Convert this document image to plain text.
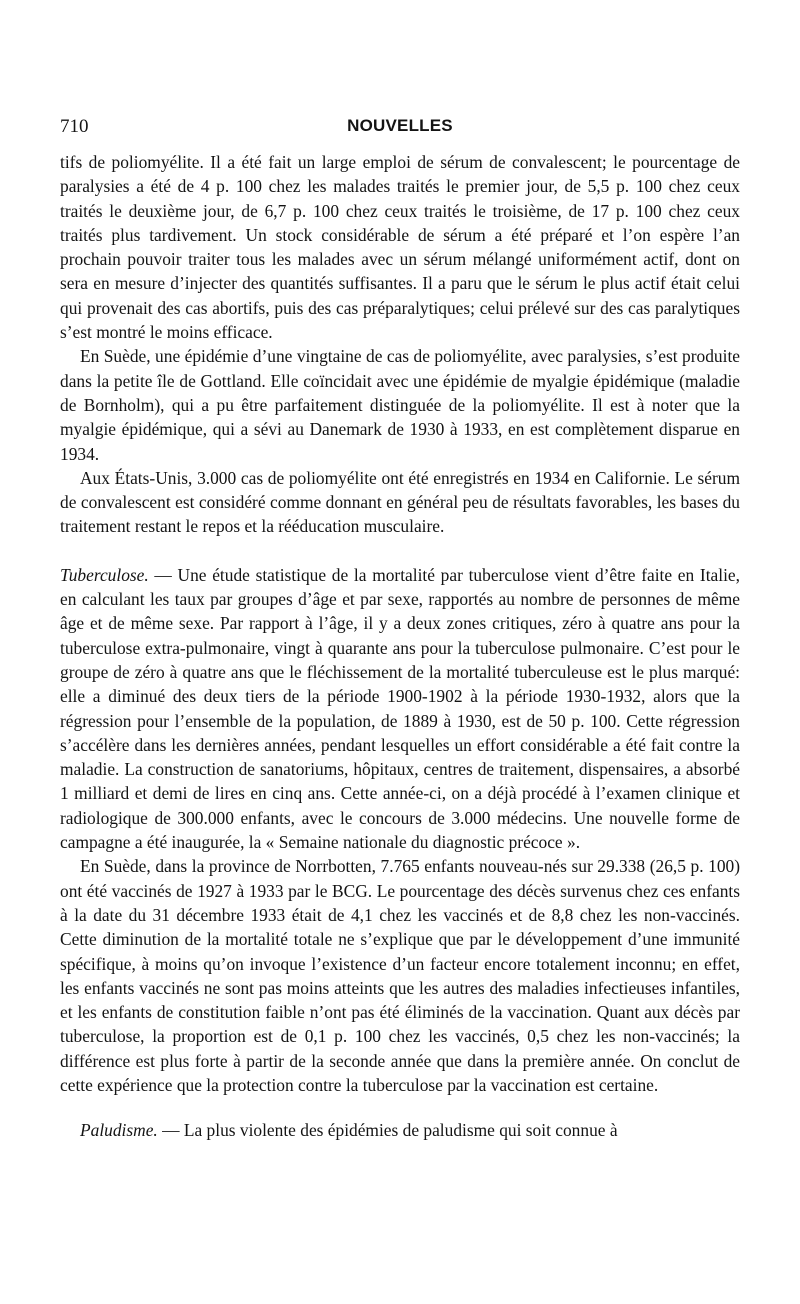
710	NOUVELLES

tifs de poliomyélite. Il a été fait un large emploi de sérum de convalescent; le pourcentage de paralysies a été de 4 p. 100 chez les malades traités le premier jour, de 5,5 p. 100 chez ceux traités le deuxième jour, de 6,7 p. 100 chez ceux traités le troisième, de 17 p. 100 chez ceux traités plus tardivement. Un stock considérable de sérum a été préparé et l’on espère l’an prochain pouvoir traiter tous les malades avec un sérum mélangé uniformément actif, dont on sera en mesure d’injecter des quantités suffisantes. Il a paru que le sérum le plus actif était celui qui provenait des cas abortifs, puis des cas préparalytiques; celui prélevé sur des cas paralytiques s’est montré le moins efficace.

En Suède, une épidémie d’une vingtaine de cas de poliomyélite, avec paralysies, s’est produite dans la petite île de Gottland. Elle coïncidait avec une épidémie de myalgie épidémique (maladie de Bornholm), qui a pu être parfaitement distinguée de la poliomyélite. Il est à noter que la myalgie épidémique, qui a sévi au Danemark de 1930 à 1933, en est complètement disparue en 1934.

Aux États-Unis, 3.000 cas de poliomyélite ont été enregistrés en 1934 en Californie. Le sérum de convalescent est considéré comme donnant en général peu de résultats favorables, les bases du traitement restant le repos et la rééducation musculaire.

Tuberculose. — Une étude statistique de la mortalité par tuberculose vient d’être faite en Italie, en calculant les taux par groupes d’âge et par sexe, rapportés au nombre de personnes de même âge et de même sexe. Par rapport à l’âge, il y a deux zones critiques, zéro à quatre ans pour la tuberculose extra-pulmonaire, vingt à quarante ans pour la tuberculose pulmonaire. C’est pour le groupe de zéro à quatre ans que le fléchissement de la mortalité tuberculeuse est le plus marqué: elle a diminué des deux tiers de la période 1900-1902 à la période 1930-1932, alors que la régression pour l’ensemble de la population, de 1889 à 1930, est de 50 p. 100. Cette régression s’accélère dans les dernières années, pendant lesquelles un effort considérable a été fait contre la maladie. La construction de sanatoriums, hôpitaux, centres de traitement, dispensaires, a absorbé 1 milliard et demi de lires en cinq ans. Cette année-ci, on a déjà procédé à l’examen clinique et radiologique de 300.000 enfants, avec le concours de 3.000 médecins. Une nouvelle forme de campagne a été inaugurée, la « Semaine nationale du diagnostic précoce ».

En Suède, dans la province de Norrbotten, 7.765 enfants nouveau-nés sur 29.338 (26,5 p. 100) ont été vaccinés de 1927 à 1933 par le BCG. Le pourcentage des décès survenus chez ces enfants à la date du 31 décembre 1933 était de 4,1 chez les vaccinés et de 8,8 chez les non-vaccinés. Cette diminution de la mortalité totale ne s’explique que par le développement d’une immunité spécifique, à moins qu’on invoque l’existence d’un facteur encore totalement inconnu; en effet, les enfants vaccinés ne sont pas moins atteints que les autres des maladies infectieuses infantiles, et les enfants de constitution faible n’ont pas été éliminés de la vaccination. Quant aux décès par tuberculose, la proportion est de 0,1 p. 100 chez les vaccinés, 0,5 chez les non-vaccinés; la différence est plus forte à partir de la seconde année que dans la première année. On conclut de cette expérience que la protection contre la tuberculose par la vaccination est certaine.

Paludisme. — La plus violente des épidémies de paludisme qui soit connue à
